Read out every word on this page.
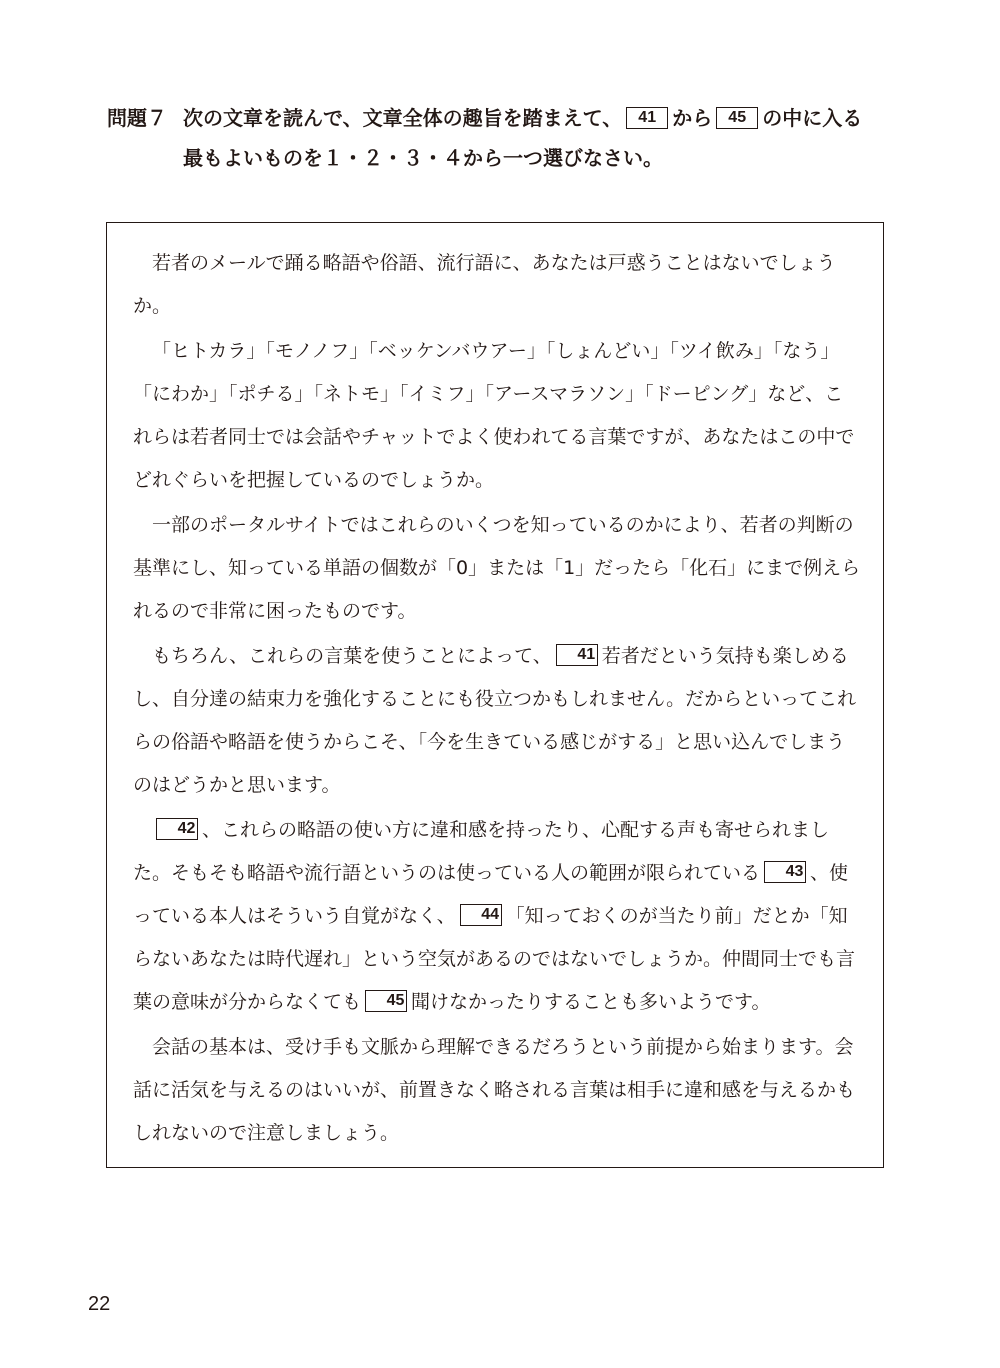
問題７ 次の文章を読んで、文章全体の趣旨を踏まえて、 41 から 45 の中に入る
最もよいものを１・２・３・４から一つ選びなさい。

若者のメールで踊る略語や俗語、流行語に、あなたは戸惑うことはないでしょうか。

「ヒトカラ」「モノノフ」「ベッケンバウアー」「しょんどい」「ツイ飲み」「なう」「にわか」「ポチる」「ネトモ」「イミフ」「アースマラソン」「ドーピング」など、これらは若者同士では会話やチャットでよく使われてる言葉ですが、あなたはこの中でどれぐらいを把握しているのでしょうか。

一部のポータルサイトではこれらのいくつを知っているのかにより、若者の判断の基準にし、知っている単語の個数が「0」または「1」だったら「化石」にまで例えられるので非常に困ったものです。

もちろん、これらの言葉を使うことによって、 41 若者だという気持も楽しめるし、自分達の結束力を強化することにも役立つかもしれません。だからといってこれらの俗語や略語を使うからこそ、「今を生きている感じがする」と思い込んでしまうのはどうかと思います。

42 、これらの略語の使い方に違和感を持ったり、心配する声も寄せられました。そもそも略語や流行語というのは使っている人の範囲が限られている 43 、使っている本人はそういう自覚がなく、 44 「知っておくのが当たり前」だとか「知らないあなたは時代遅れ」という空気があるのではないでしょうか。仲間同士でも言葉の意味が分からなくても 45 聞けなかったりすることも多いようです。

会話の基本は、受け手も文脈から理解できるだろうという前提から始まります。会話に活気を与えるのはいいが、前置きなく略される言葉は相手に違和感を与えるかもしれないので注意しましょう。

22
